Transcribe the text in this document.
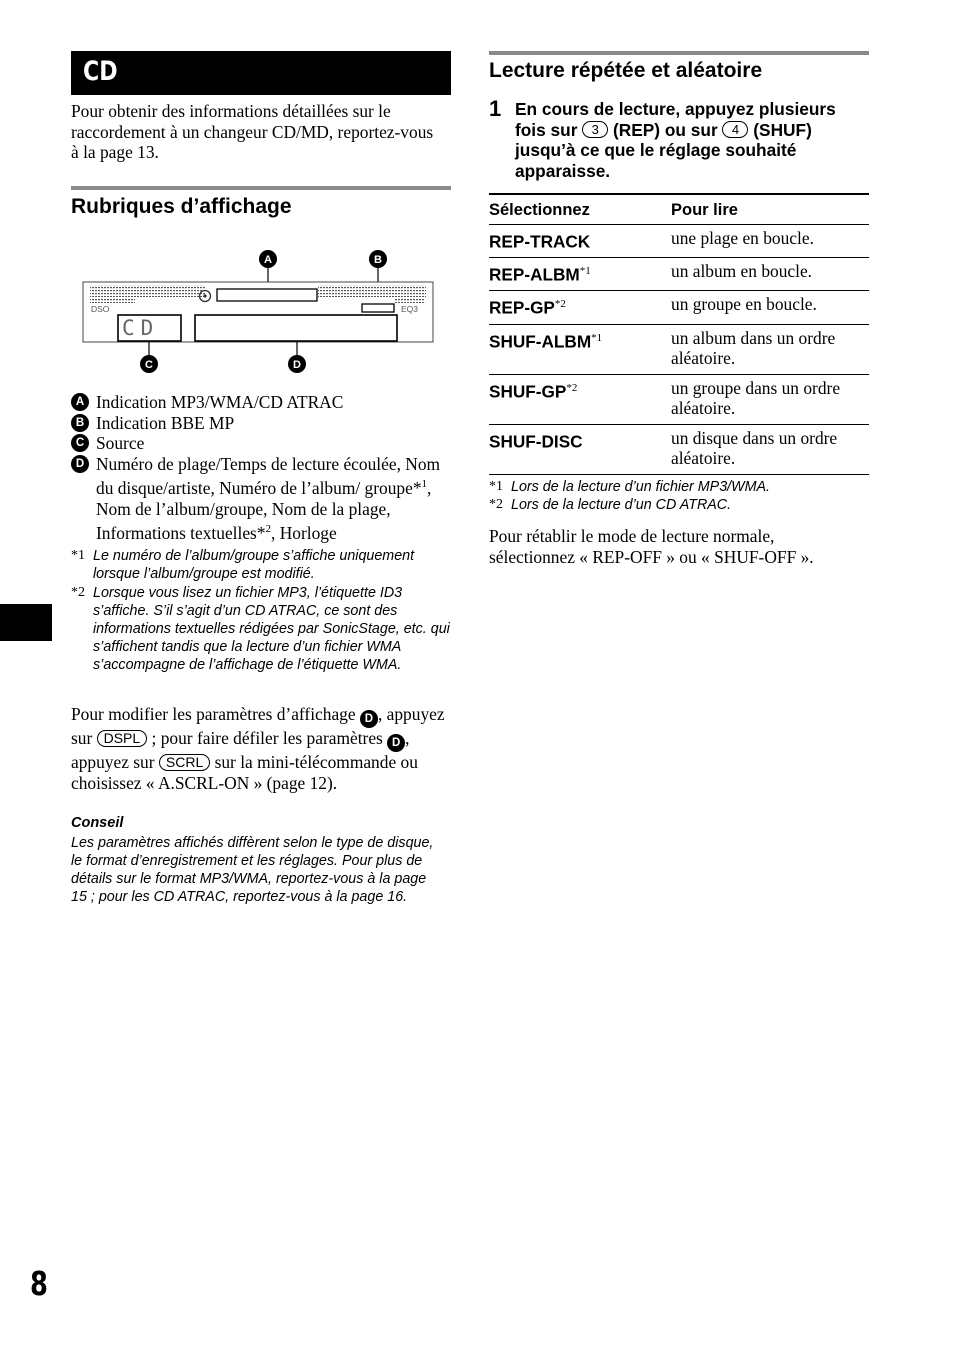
CD

Pour obtenir des informations détaillées sur le raccordement à un changeur CD/MD, reportez-vous à la page 13.

Rubriques d’affichage
A	B
DSO	EQ3
CD
C	D
A Indication MP3/WMA/CD ATRAC
B Indication BBE MP
C Source
D Numéro de plage/Temps de lecture écoulée, Nom du disque/artiste, Numéro de l’album/ groupe*$^1$, Nom de l’album/groupe, Nom de la plage, Informations textuelles*$^2$, Horloge
*1 Le numéro de l’album/groupe s’affiche uniquement lorsque l’album/groupe est modifié.
*2 Lorsque vous lisez un fichier MP3, l’étiquette ID3 s’affiche. S’il s’agit d’un CD ATRAC, ce sont des informations textuelles rédigées par SonicStage, etc. qui s’affichent tandis que la lecture d’un fichier WMA s’accompagne de l’affichage de l’étiquette WMA.

Pour modifier les paramètres d’affichage D , appuyez sur DSPL ; pour faire défiler les paramètres D , appuyez sur SCRL sur la mini-télécommande ou choisissez « A.SCRL-ON » (page 12).

Conseil
Les paramètres affichés diffèrent selon le type de disque, le format d’enregistrement et les réglages. Pour plus de détails sur le format MP3/WMA, reportez-vous à la page 15 ; pour les CD ATRAC, reportez-vous à la page 16.
Lecture répétée et aléatoire
1 En cours de lecture, appuyez plusieurs fois sur 3 (REP) ou sur 4 (SHUF) jusqu’à ce que le réglage souhaité apparaisse.
Sélectionnez	Pour lire
REP-TRACK	une plage en boucle.
REP-ALBM$^{*1}$	un album en boucle.
REP-GP$^{*2}$	un groupe en boucle.
SHUF-ALBM$^{*1}$	un album dans un ordre aléatoire.
SHUF-GP$^{*2}$	un groupe dans un ordre aléatoire.
SHUF-DISC	un disque dans un ordre aléatoire.
*1 Lors de la lecture d’un fichier MP3/WMA.
*2 Lors de la lecture d’un CD ATRAC.

Pour rétablir le mode de lecture normale, sélectionnez « REP-OFF » ou « SHUF-OFF ».

8
